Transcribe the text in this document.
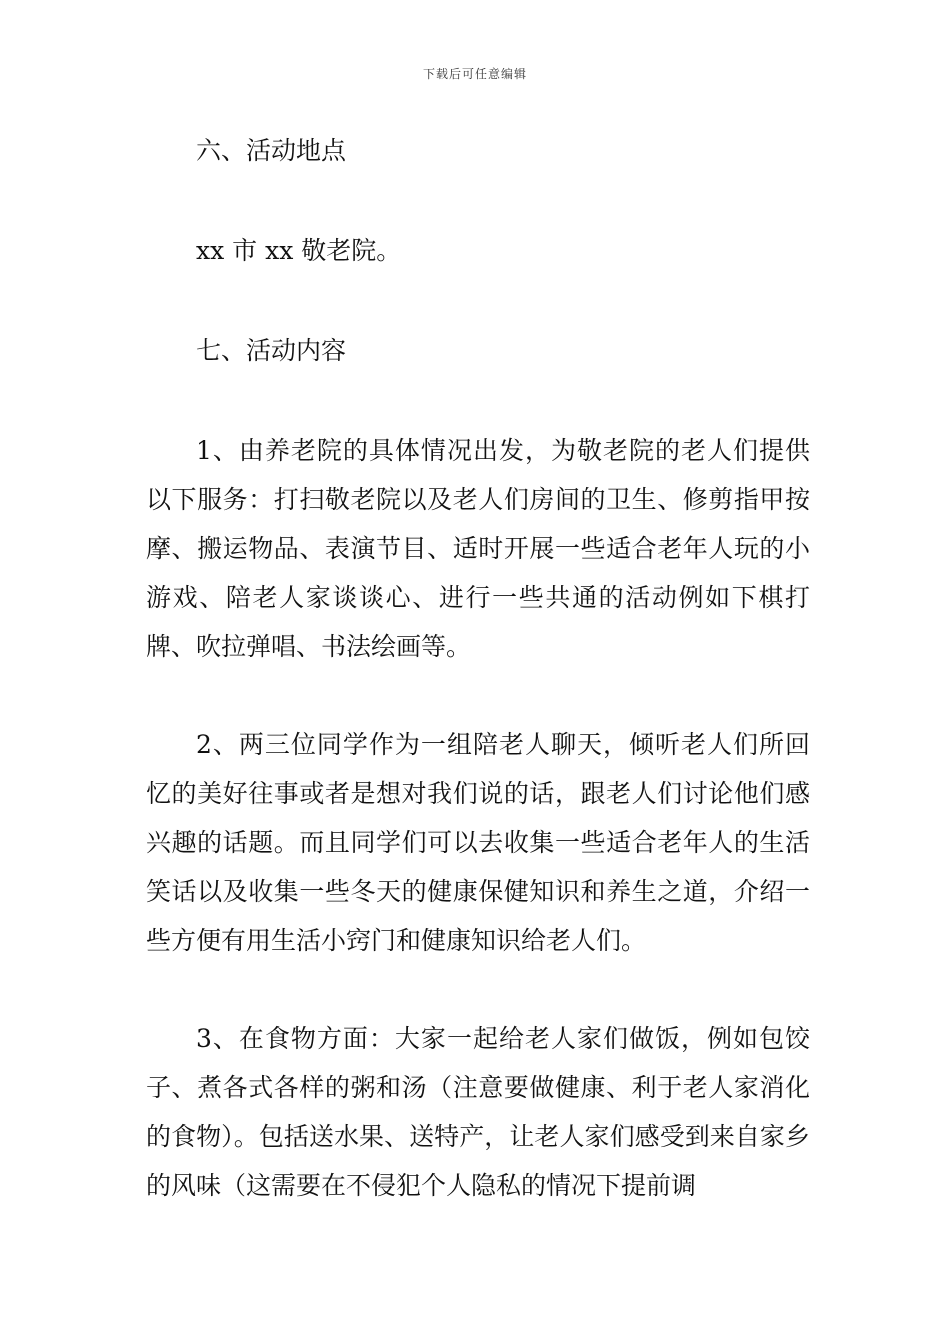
下载后可任意编辑

六、活动地点

xx 市 xx 敬老院。

七、活动内容

1、由养老院的具体情况出发，为敬老院的老人们提供以下服务：打扫敬老院以及老人们房间的卫生、修剪指甲按摩、搬运物品、表演节目、适时开展一些适合老年人玩的小游戏、陪老人家谈谈心、进行一些共通的活动例如下棋打牌、吹拉弹唱、书法绘画等。

2、两三位同学作为一组陪老人聊天，倾听老人们所回忆的美好往事或者是想对我们说的话，跟老人们讨论他们感兴趣的话题。而且同学们可以去收集一些适合老年人的生活笑话以及收集一些冬天的健康保健知识和养生之道，介绍一些方便有用生活小窍门和健康知识给老人们。

3、在食物方面：大家一起给老人家们做饭，例如包饺子、煮各式各样的粥和汤（注意要做健康、利于老人家消化的食物）。包括送水果、送特产，让老人家们感受到来自家乡的风味（这需要在不侵犯个人隐私的情况下提前调
